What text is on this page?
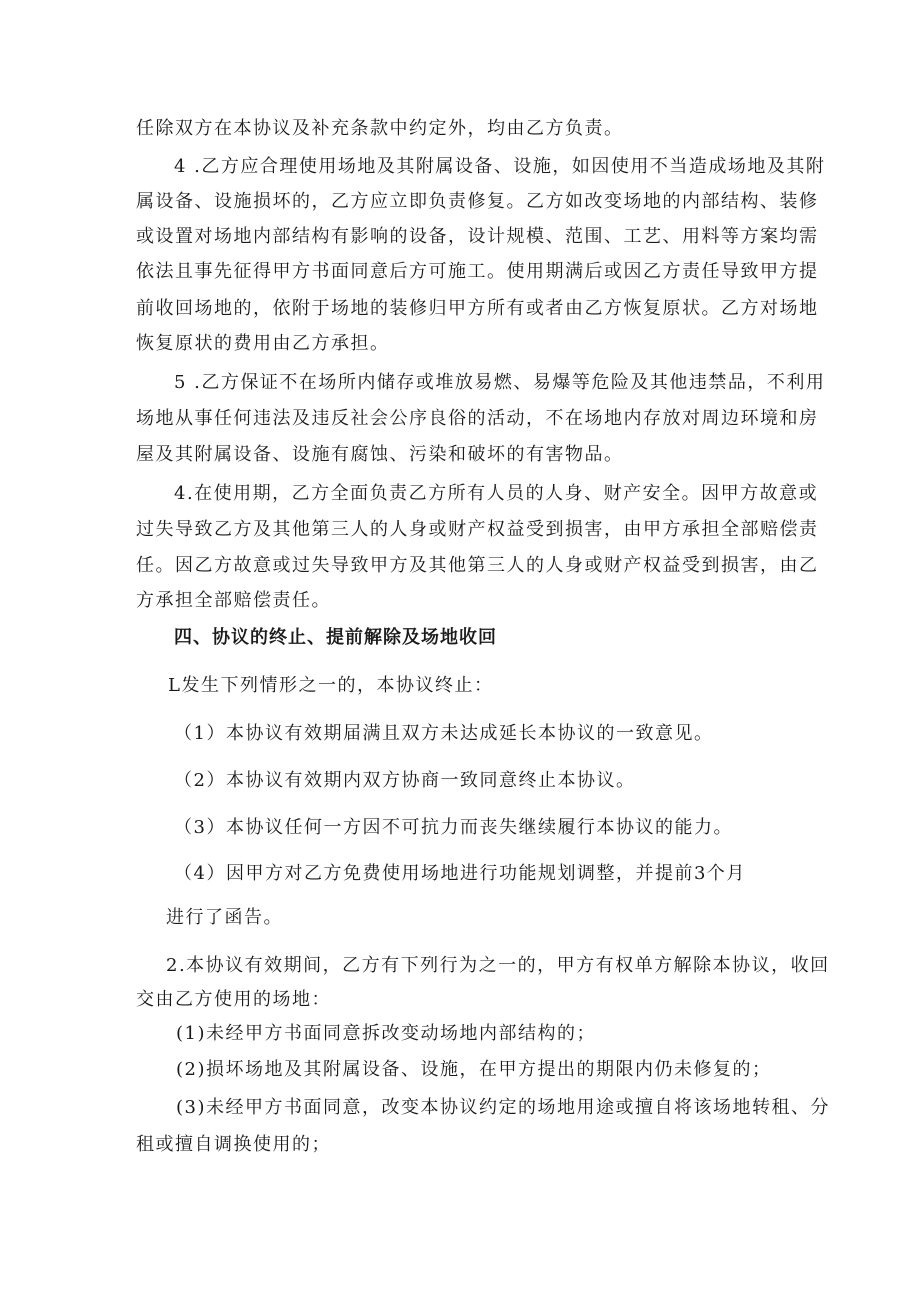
任除双方在本协议及补充条款中约定外，均由乙方负责。
4 .乙方应合理使用场地及其附属设备、设施，如因使用不当造成场地及其附
属设备、设施损坏的，乙方应立即负责修复。乙方如改变场地的内部结构、装修
或设置对场地内部结构有影响的设备，设计规模、范围、工艺、用料等方案均需
依法且事先征得甲方书面同意后方可施工。使用期满后或因乙方责任导致甲方提
前收回场地的，依附于场地的装修归甲方所有或者由乙方恢复原状。乙方对场地
恢复原状的费用由乙方承担。
5 .乙方保证不在场所内储存或堆放易燃、易爆等危险及其他违禁品，不利用
场地从事任何违法及违反社会公序良俗的活动，不在场地内存放对周边环境和房
屋及其附属设备、设施有腐蚀、污染和破坏的有害物品。
4.在使用期，乙方全面负责乙方所有人员的人身、财产安全。因甲方故意或
过失导致乙方及其他第三人的人身或财产权益受到损害，由甲方承担全部赔偿责
任。因乙方故意或过失导致甲方及其他第三人的人身或财产权益受到损害，由乙
方承担全部赔偿责任。
四、协议的终止、提前解除及场地收回
L发生下列情形之一的，本协议终止：
（1）本协议有效期届满且双方未达成延长本协议的一致意见。
（2）本协议有效期内双方协商一致同意终止本协议。
（3）本协议任何一方因不可抗力而丧失继续履行本协议的能力。
（4）因甲方对乙方免费使用场地进行功能规划调整，并提前3个月
进行了函告。
2.本协议有效期间，乙方有下列行为之一的，甲方有权单方解除本协议，收回
交由乙方使用的场地：
(1)未经甲方书面同意拆改变动场地内部结构的；
(2)损坏场地及其附属设备、设施，在甲方提出的期限内仍未修复的；
(3)未经甲方书面同意，改变本协议约定的场地用途或擅自将该场地转租、分
租或擅自调换使用的；
